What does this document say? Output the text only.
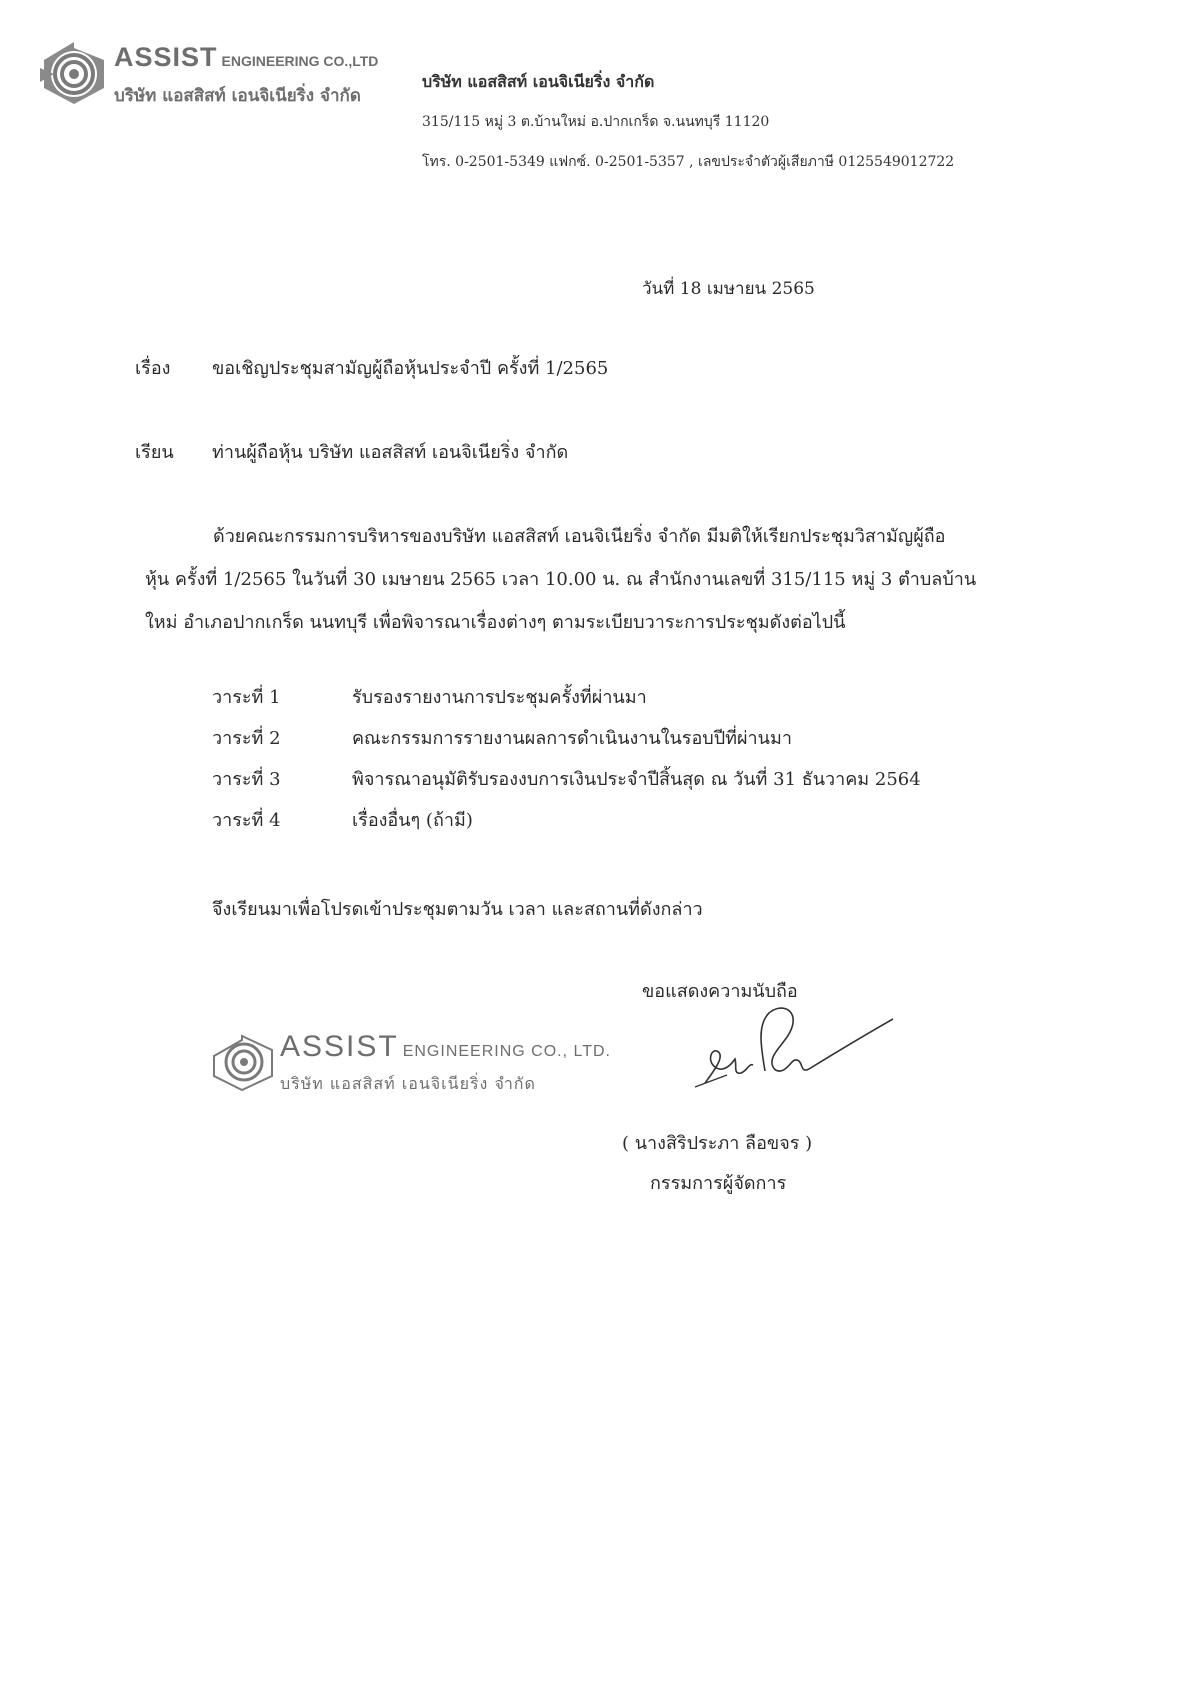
ASSIST ENGINEERING CO.,LTD
บริษัท แอสสิสท์ เอนจิเนียริ่ง จำกัด
บริษัท แอสสิสท์ เอนจิเนียริ่ง จำกัด
315/115 หมู่ 3 ต.บ้านใหม่ อ.ปากเกร็ด จ.นนทบุรี 11120
โทร. 0-2501-5349 แฟกซ์. 0-2501-5357 , เลขประจำตัวผู้เสียภาษี 0125549012722
วันที่ 18 เมษายน 2565
เรื่อง ขอเชิญประชุมสามัญผู้ถือหุ้นประจำปี ครั้งที่ 1/2565
เรียน ท่านผู้ถือหุ้น บริษัท แอสสิสท์ เอนจิเนียริ่ง จำกัด
ด้วยคณะกรรมการบริหารของบริษัท แอสสิสท์ เอนจิเนียริ่ง จำกัด มีมติให้เรียกประชุมวิสามัญผู้ถือ
หุ้น ครั้งที่ 1/2565 ในวันที่ 30 เมษายน 2565 เวลา 10.00 น. ณ สำนักงานเลขที่ 315/115 หมู่ 3 ตำบลบ้าน
ใหม่ อำเภอปากเกร็ด นนทบุรี เพื่อพิจารณาเรื่องต่างๆ ตามระเบียบวาระการประชุมดังต่อไปนี้
วาระที่ 1	รับรองรายงานการประชุมครั้งที่ผ่านมา
วาระที่ 2	คณะกรรมการรายงานผลการดำเนินงานในรอบปีที่ผ่านมา
วาระที่ 3	พิจารณาอนุมัติรับรองงบการเงินประจำปีสิ้นสุด ณ วันที่ 31 ธันวาคม 2564
วาระที่ 4	เรื่องอื่นๆ (ถ้ามี)
จึงเรียนมาเพื่อโปรดเข้าประชุมตามวัน เวลา และสถานที่ดังกล่าว
ขอแสดงความนับถือ
ASSIST ENGINEERING CO., LTD.
บริษัท แอสสิสท์ เอนจิเนียริ่ง จำกัด
( นางสิริประภา ลือขจร )
กรรมการผู้จัดการ
